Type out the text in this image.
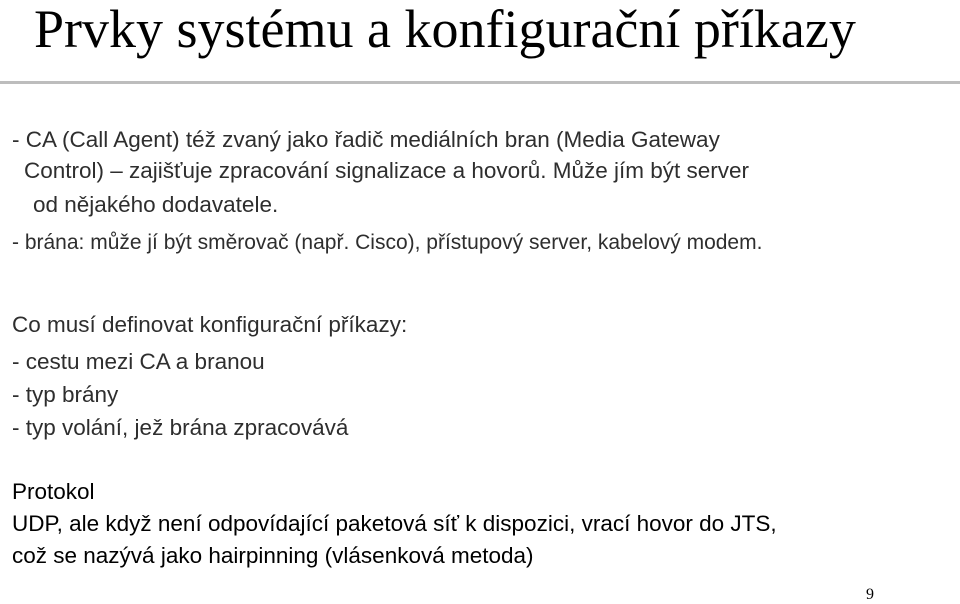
Prvky systému a konfigurační příkazy
- CA (Call Agent) též zvaný jako řadič mediálních bran (Media Gateway
Control) – zajišťuje zpracování signalizace a hovorů. Může jím být server
od nějakého dodavatele.
- brána: může jí být směrovač (např. Cisco), přístupový server, kabelový modem.
Co musí definovat konfigurační příkazy:
- cestu mezi CA a branou
- typ brány
- typ volání, jež brána zpracovává
Protokol
UDP, ale když není odpovídající paketová síť k dispozici, vrací hovor do JTS,
což se nazývá jako hairpinning (vlásenková metoda)
9
